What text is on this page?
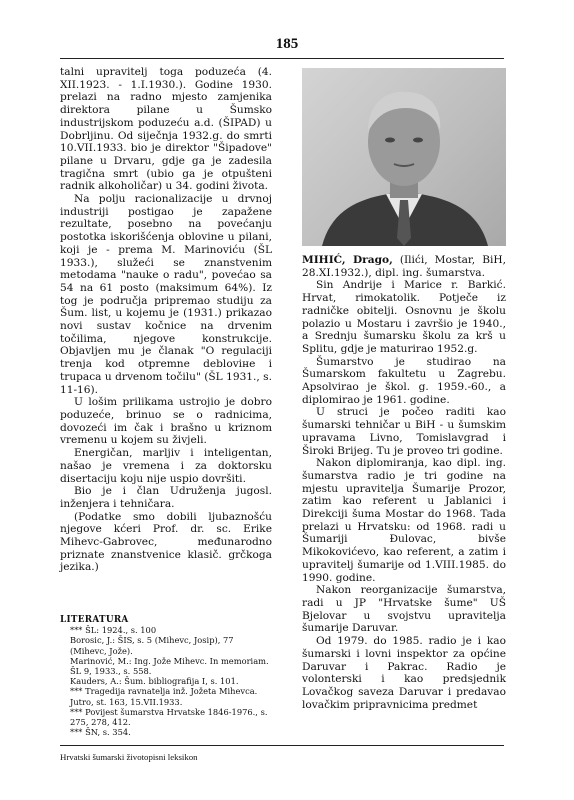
185

talni upravitelj toga poduzeća (4. XII.1923. - 1.I.1930.). Godine 1930. prelazi na radno mjesto zamjenika direktora pilane u Šumsko industrijskom poduzeću a.d. (ŠIPAD) u Dobrljinu. Od siječnja 1932.g. do smrti 10.VII.1933. bio je direktor "Šipadove" pilane u Drvaru, gdje ga je zadesila tragična smrt (ubio ga je otpušteni radnik alkoholičar) u 34. godini života.

Na polju racionalizacije u drvnoj industriji postigao je zapažene rezultate, posebno na povećanju postotka iskorišćenja oblovine u pilani, koji je - prema M. Marinoviću (ŠL 1933.), služeći se znanstvenim metodama "nauke o radu", povećao sa 54 na 61 posto (maksimum 64%). Iz tog je područja pripremao studiju za Šum. list, u kojemu je (1931.) prikazao novi sustav kočnice na drvenim točilima, njegove konstrukcije. Objavljen mu je članak "O regulaciji trenja kod otpremne debloviне i trupaca u drvenom točilu" (ŠL 1931., s. 11-16).

U lošim prilikama ustrojio je dobro poduzeće, brinuo se o radnicima, dovozeći im čak i brašno u kriznom vremenu u kojem su živjeli.

Energičan, marljiv i inteligentan, našao je vremena i za doktorsku disertaciju koju nije uspio dovršiti.

Bio je i član Udruženja jugosl. inženjera i tehničara.

(Podatke smo dobili ljubaznošću njegove kćeri Prof. dr. sc. Erike Mihevc-Gabrovec, međunarodno priznate znanstvenice klasič. grčkoga jezika.)

LITERATURA
*** ŠL: 1924., s. 100
Borosic, J.: ŠIS, s. 5 (Mihevc, Josip), 77 (Mihevc, Jože).
Marinović, M.: Ing. Jože Mihevc. In memoriam. ŠL 9, 1933., s. 558.
Kauders, A.: Šum. bibliografija I, s. 101.
*** Tragedija ravnatelja inž. Jožeta Mihevca. Jutro, st. 163, 15.VII.1933.
*** Povijest šumarstva Hrvatske 1846-1976., s. 275, 278, 412.
*** ŠN, s. 354.

MIHIĆ, Drago, (Ilići, Mostar, BiH, 28.XI.1932.), dipl. ing. šumarstva.

Sin Andrije i Marice r. Barkić. Hrvat, rimokatolik. Potječe iz radničke obitelji. Osnovnu je školu polazio u Mostaru i završio je 1940., a Srednju šumarsku školu za krš u Splitu, gdje je maturirao 1952.g.

Šumarstvo je studirao na Šumarskom fakultetu u Zagrebu. Apsolvirao je škol. g. 1959.-60., a diplomirao je 1961. godine.

U struci je počeo raditi kao šumarski tehničar u BiH - u šumskim upravama Livno, Tomislavgrad i Široki Brijeg. Tu je proveo tri godine.

Nakon diplomiranja, kao dipl. ing. šumarstva radio je tri godine na mjestu upravitelja Šumarije Prozor, zatim kao referent u Jablanici i Direkciji šuma Mostar do 1968. Tada prelazi u Hrvatsku: od 1968. radi u Šumariji Đulovac, bivše Mikokovićevo, kao referent, a zatim i upravitelj šumarije od 1.VIII.1985. do 1990. godine.

Nakon reorganizacije šumarstva, radi u JP "Hrvatske šume" UŠ Bjelovar u svojstvu upravitelja šumarije Daruvar.

Od 1979. do 1985. radio je i kao šumarski i lovni inspektor za općine Daruvar i Pakrac. Radio je volonterski i kao predsjednik Lovačkog saveza Daruvar i predavao lovačkim pripravnicima predmet

Hrvatski šumarski životopisni leksikon
